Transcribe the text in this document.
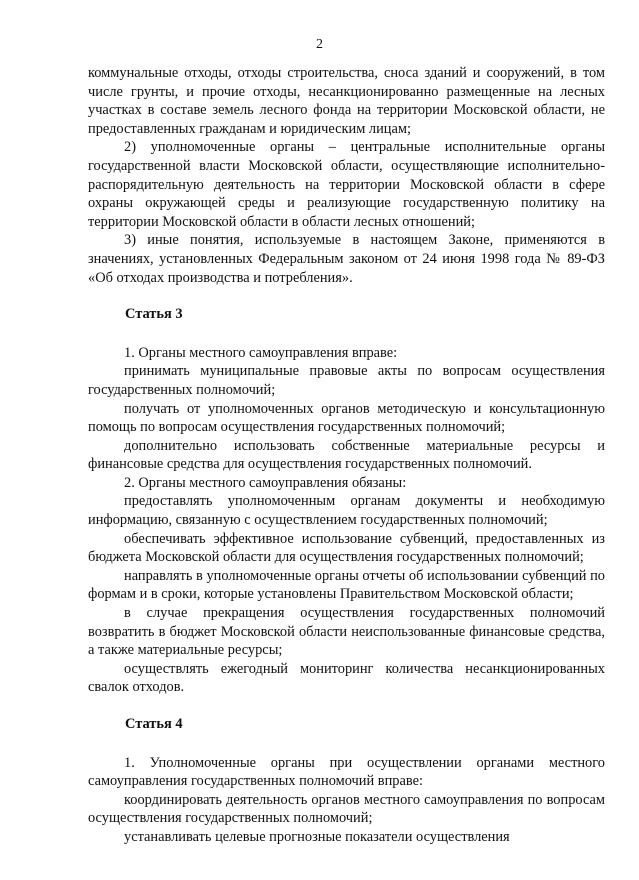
2

коммунальные отходы, отходы строительства, сноса зданий и сооружений, в том числе грунты, и прочие отходы, несанкционированно размещенные на лесных участках в составе земель лесного фонда на территории Московской области, не предоставленных гражданам и юридическим лицам;

2) уполномоченные органы – центральные исполнительные органы государственной власти Московской области, осуществляющие исполнительно-распорядительную деятельность на территории Московской области в сфере охраны окружающей среды и реализующие государственную политику на территории Московской области в области лесных отношений;

3) иные понятия, используемые в настоящем Законе, применяются в значениях, установленных Федеральным законом от 24 июня 1998 года № 89-ФЗ «Об отходах производства и потребления».

Статья 3

1. Органы местного самоуправления вправе:

принимать муниципальные правовые акты по вопросам осуществления государственных полномочий;

получать от уполномоченных органов методическую и консультационную помощь по вопросам осуществления государственных полномочий;

дополнительно использовать собственные материальные ресурсы и финансовые средства для осуществления государственных полномочий.

2. Органы местного самоуправления обязаны:

предоставлять уполномоченным органам документы и необходимую информацию, связанную с осуществлением государственных полномочий;

обеспечивать эффективное использование субвенций, предоставленных из бюджета Московской области для осуществления государственных полномочий;

направлять в уполномоченные органы отчеты об использовании субвенций по формам и в сроки, которые установлены Правительством Московской области;

в случае прекращения осуществления государственных полномочий возвратить в бюджет Московской области неиспользованные финансовые средства, а также материальные ресурсы;

осуществлять ежегодный мониторинг количества несанкционированных свалок отходов.

Статья 4

1. Уполномоченные органы при осуществлении органами местного самоуправления государственных полномочий вправе:

координировать деятельность органов местного самоуправления по вопросам осуществления государственных полномочий;

устанавливать целевые прогнозные показатели осуществления
